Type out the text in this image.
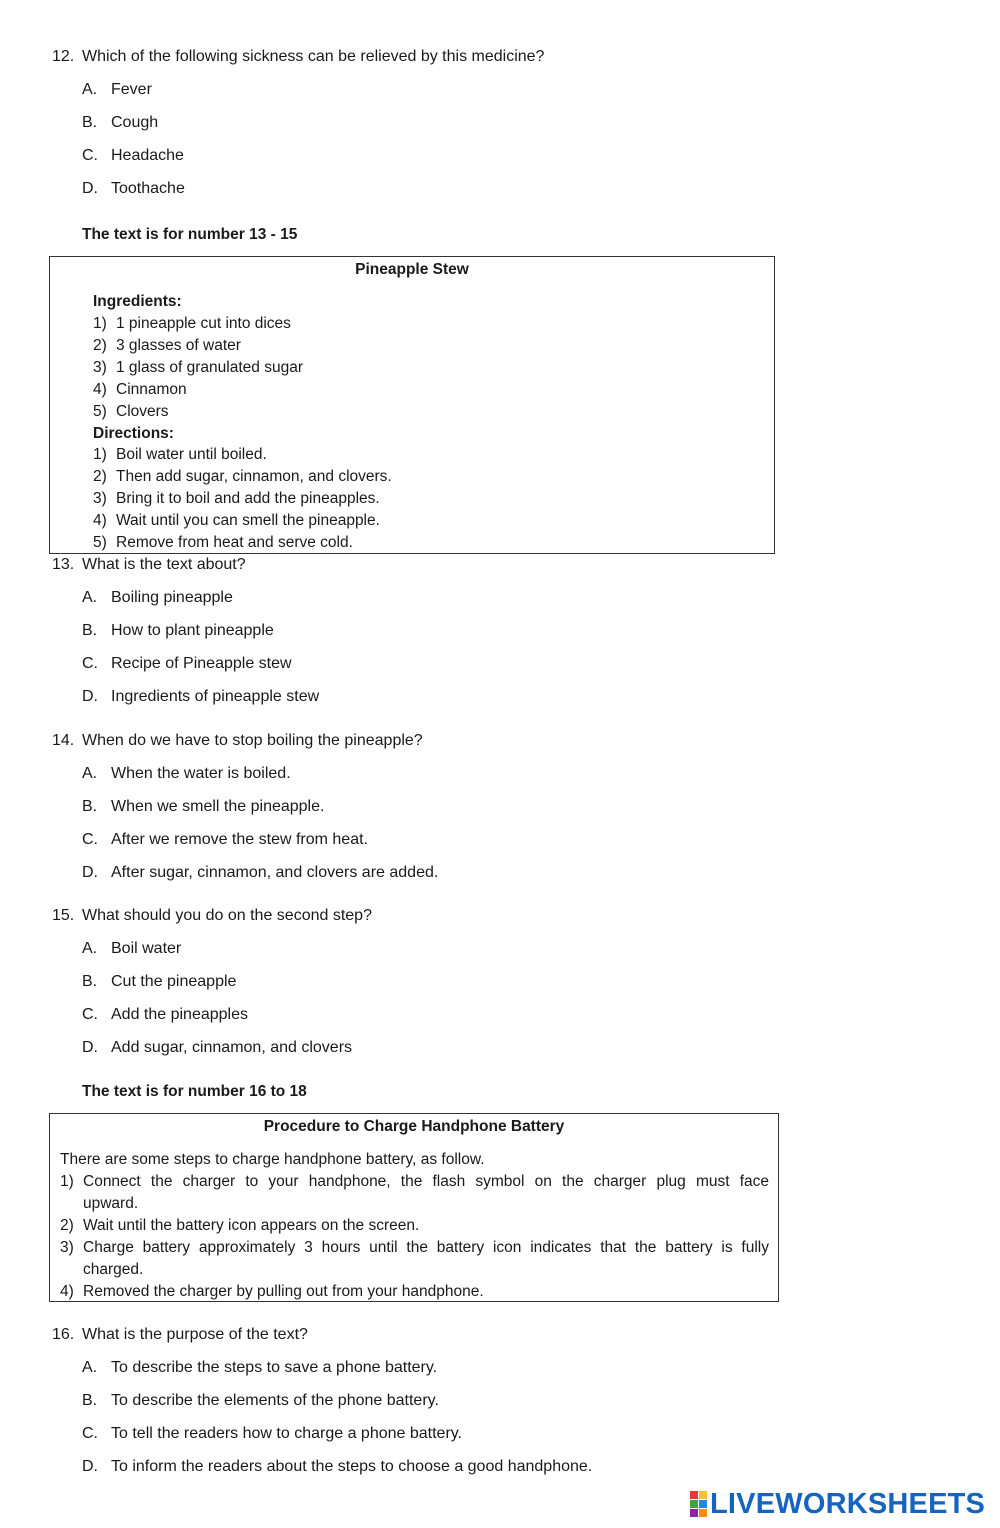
12. Which of the following sickness can be relieved by this medicine?
A. Fever
B. Cough
C. Headache
D. Toothache
The text is for number 13 - 15
Pineapple Stew
Ingredients:
1) 1 pineapple cut into dices
2) 3 glasses of water
3) 1 glass of granulated sugar
4) Cinnamon
5) Clovers
Directions:
1) Boil water until boiled.
2) Then add sugar, cinnamon, and clovers.
3) Bring it to boil and add the pineapples.
4) Wait until you can smell the pineapple.
5) Remove from heat and serve cold.
13. What is the text about?
A. Boiling pineapple
B. How to plant pineapple
C. Recipe of Pineapple stew
D. Ingredients of pineapple stew
14. When do we have to stop boiling the pineapple?
A. When the water is boiled.
B. When we smell the pineapple.
C. After we remove the stew from heat.
D. After sugar, cinnamon, and clovers are added.
15. What should you do on the second step?
A. Boil water
B. Cut the pineapple
C. Add the pineapples
D. Add sugar, cinnamon, and clovers
The text is for number 16 to 18
Procedure to Charge Handphone Battery
There are some steps to charge handphone battery, as follow.
1) Connect the charger to your handphone, the flash symbol on the charger plug must face
upward.
2) Wait until the battery icon appears on the screen.
3) Charge battery approximately 3 hours until the battery icon indicates that the battery is fully
charged.
4) Removed the charger by pulling out from your handphone.
16. What is the purpose of the text?
A. To describe the steps to save a phone battery.
B. To describe the elements of the phone battery.
C. To tell the readers how to charge a phone battery.
D. To inform the readers about the steps to choose a good handphone.
LIVEWORKSHEETS
